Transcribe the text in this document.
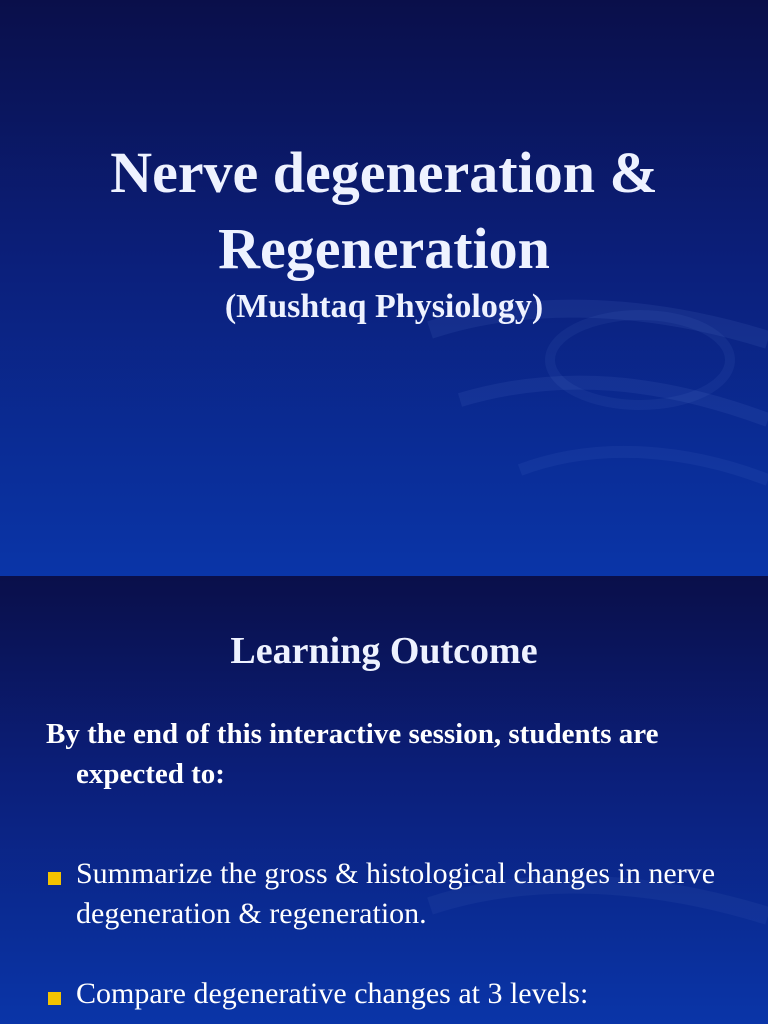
Nerve degeneration & Regeneration
(Mushtaq Physiology)
Learning Outcome

By the end of this interactive session, students are expected to:

Summarize the gross & histological changes in nerve degeneration & regeneration.
Compare degenerative changes at 3 levels:
